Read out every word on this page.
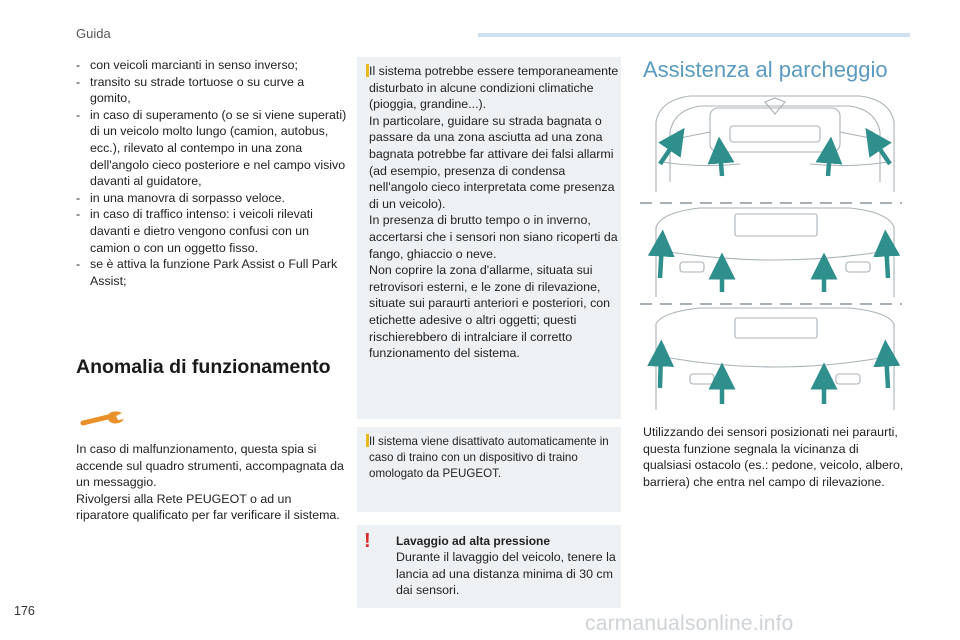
Guida
- con veicoli marcianti in senso inverso;
- transito su strade tortuose o su curve a gomito,
- in caso di superamento (o se si viene superati) di un veicolo molto lungo (camion, autobus, ecc.), rilevato al contempo in una zona dell'angolo cieco posteriore e nel campo visivo davanti al guidatore,
- in una manovra di sorpasso veloce.
- in caso di traffico intenso: i veicoli rilevati davanti e dietro vengono confusi con un camion o con un oggetto fisso.
- se è attiva la funzione Park Assist o Full Park Assist;
Anomalia di funzionamento
In caso di malfunzionamento, questa spia si accende sul quadro strumenti, accompagnata da un messaggio.
Rivolgersi alla Rete PEUGEOT o ad un riparatore qualificato per far verificare il sistema.
Il sistema potrebbe essere temporaneamente disturbato in alcune condizioni climatiche (pioggia, grandine...).
In particolare, guidare su strada bagnata o passare da una zona asciutta ad una zona bagnata potrebbe far attivare dei falsi allarmi (ad esempio, presenza di condensa nell'angolo cieco interpretata come presenza di un veicolo).
In presenza di brutto tempo o in inverno, accertarsi che i sensori non siano ricoperti da fango, ghiaccio o neve.
Non coprire la zona d'allarme, situata sui retrovisori esterni, e le zone di rilevazione, situate sui paraurti anteriori e posteriori, con etichette adesive o altri oggetti; questi rischierebbero di intralciare il corretto funzionamento del sistema.
Il sistema viene disattivato automaticamente in caso di traino con un dispositivo di traino omologato da PEUGEOT.
! Lavaggio ad alta pressione
Durante il lavaggio del veicolo, tenere la lancia ad una distanza minima di 30 cm dai sensori.
Assistenza al parcheggio
Utilizzando dei sensori posizionati nei paraurti, questa funzione segnala la vicinanza di qualsiasi ostacolo (es.: pedone, veicolo, albero, barriera) che entra nel campo di rilevazione.
176
carmanualsonline.info
